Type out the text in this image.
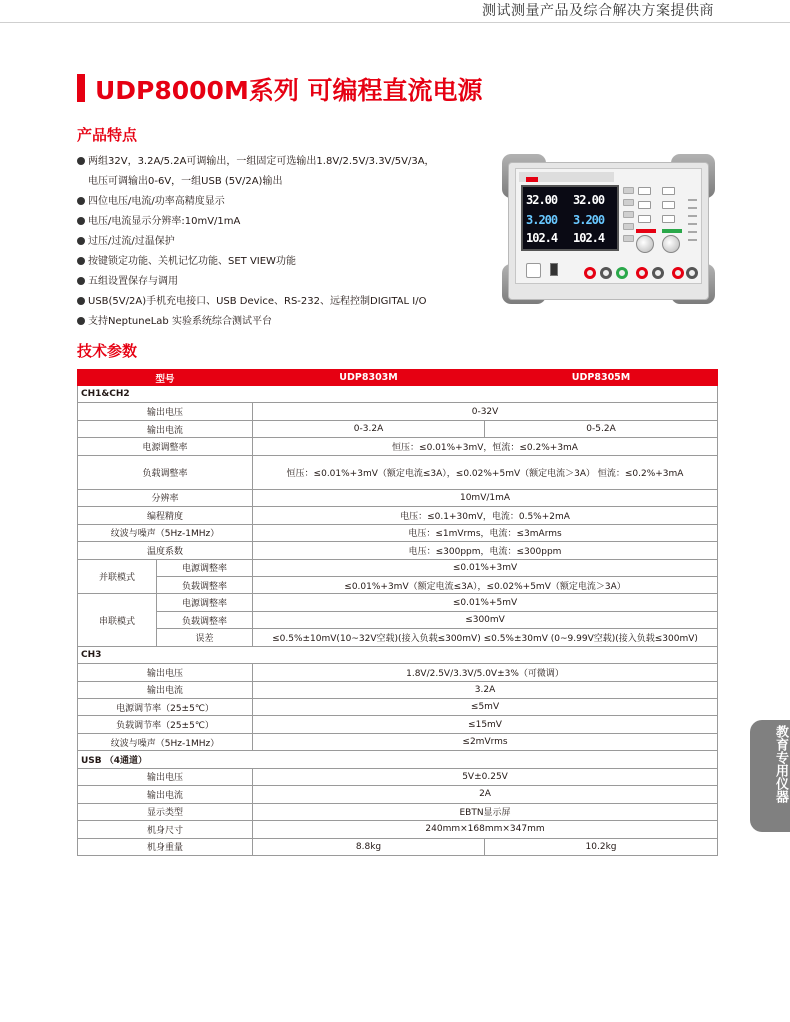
测试测量产品及综合解决方案提供商
UDP8000M系列 可编程直流电源
产品特点
两组32V，3.2A/5.2A可调输出，一组固定可选输出1.8V/2.5V/3.3V/5V/3A，
电压可调输出0-6V，一组USB (5V/2A)输出
四位电压/电流/功率高精度显示
电压/电流显示分辨率:10mV/1mA
过压/过流/过温保护
按键锁定功能、关机记忆功能、SET VIEW功能
五组设置保存与调用
USB(5V/2A)手机充电接口、USB Device、RS-232、远程控制DIGITAL I/O
支持NeptuneLab 实验系统综合测试平台
32.00 32.00
3.200 3.200
102.4 102.4
技术参数
型号		UDP8303M	UDP8305M
CH1&CH2			
输出电压		0-32V	
输出电流		0-3.2A	0-5.2A
电源调整率		恒压：≤0.01%+3mV，恒流：≤0.2%+3mA	
负载调整率		恒压：≤0.01%+3mV（额定电流≤3A），≤0.02%+5mV（额定电流＞3A） 恒流：≤0.2%+3mA	
分辨率		10mV/1mA	
编程精度		电压：≤0.1+30mV，电流：0.5%+2mA	
纹波与噪声（5Hz-1MHz）		电压：≤1mVrms，电流：≤3mArms	
温度系数		电压：≤300ppm，电流：≤300ppm	
并联模式	电源调整率	≤0.01%+3mV	
	负载调整率	≤0.01%+3mV（额定电流≤3A），≤0.02%+5mV（额定电流＞3A）	
串联模式	电源调整率	≤0.01%+5mV	
	负载调整率	≤300mV	
	误差	≤0.5%±10mV(10~32V空载)(接入负载≤300mV) ≤0.5%±30mV (0~9.99V空载)(接入负载≤300mV)	
CH3			
输出电压		1.8V/2.5V/3.3V/5.0V±3%（可微调）	
输出电流		3.2A	
电源调节率（25±5℃）		≤5mV	
负载调节率（25±5℃）		≤15mV	
纹波与噪声（5Hz-1MHz）		≤2mVrms	
USB （4通道）			
输出电压		5V±0.25V	
输出电流		2A	
显示类型		EBTN显示屏	
机身尺寸		240mm×168mm×347mm	
机身重量		8.8kg	10.2kg
教育专用仪器
